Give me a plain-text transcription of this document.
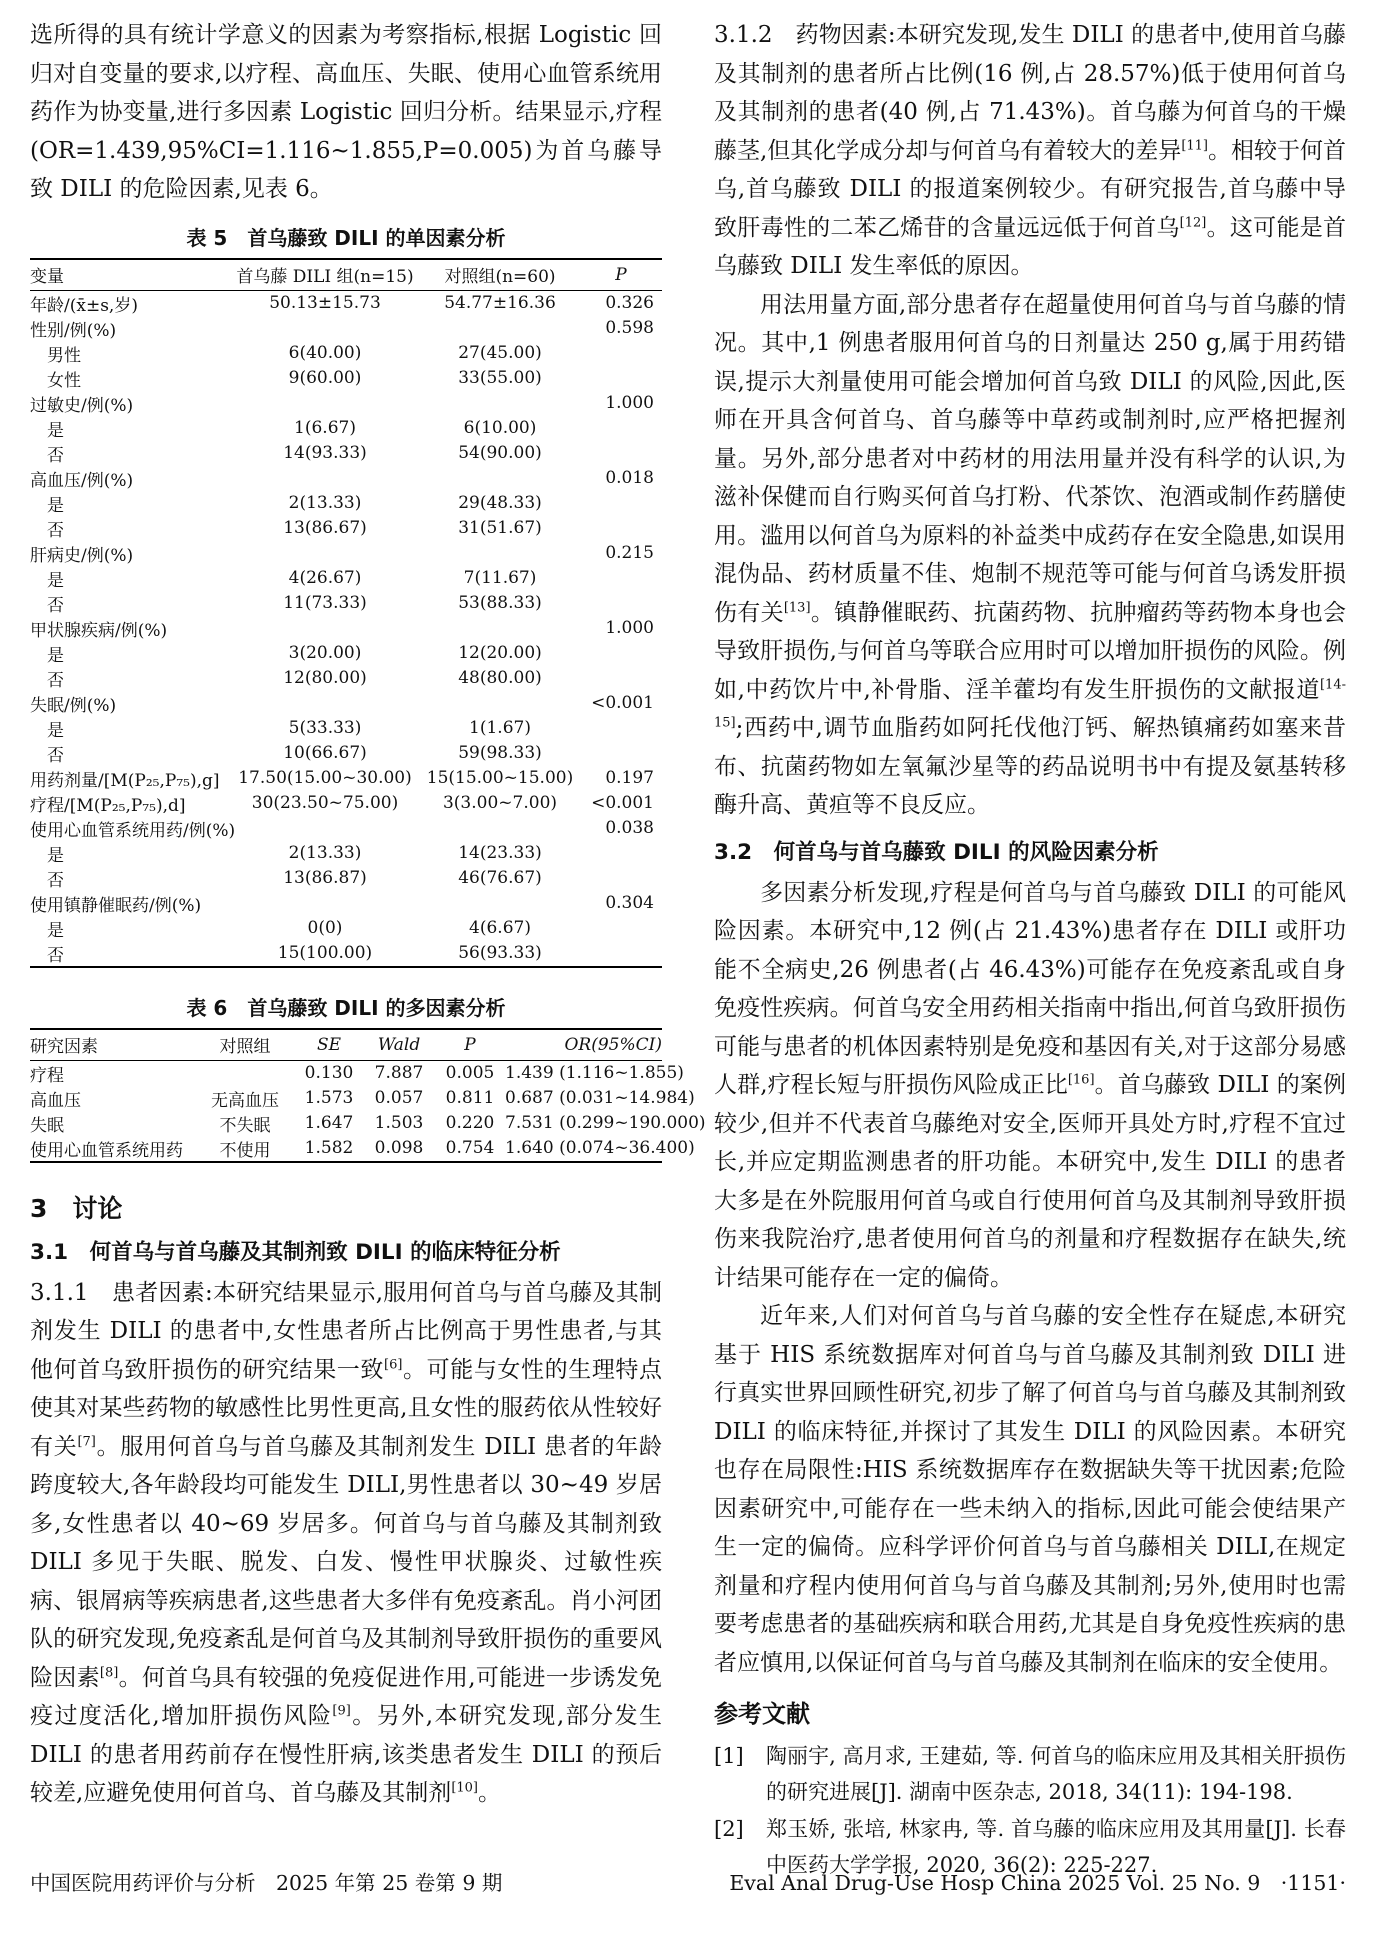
选所得的具有统计学意义的因素为考察指标,根据 Logistic 回归对自变量的要求,以疗程、高血压、失眠、使用心血管系统用药作为协变量,进行多因素 Logistic 回归分析。结果显示,疗程(OR=1.439,95%CI=1.116~1.855,P=0.005)为首乌藤导致 DILI 的危险因素,见表 6。

表 5　首乌藤致 DILI 的单因素分析
变量	首乌藤 DILI 组(n=15)	对照组(n=60)	P
年龄/(x̄±s,岁)	50.13±15.73	54.77±16.36	0.326
性别/例(%)			0.598
男性	6(40.00)	27(45.00)	
女性	9(60.00)	33(55.00)	
过敏史/例(%)			1.000
是	1(6.67)	6(10.00)	
否	14(93.33)	54(90.00)	
高血压/例(%)			0.018
是	2(13.33)	29(48.33)	
否	13(86.67)	31(51.67)	
肝病史/例(%)			0.215
是	4(26.67)	7(11.67)	
否	11(73.33)	53(88.33)	
甲状腺疾病/例(%)			1.000
是	3(20.00)	12(20.00)	
否	12(80.00)	48(80.00)	
失眠/例(%)			<0.001
是	5(33.33)	1(1.67)	
否	10(66.67)	59(98.33)	
用药剂量/[M(P₂₅,P₇₅),g]	17.50(15.00~30.00)	15(15.00~15.00)	0.197
疗程/[M(P₂₅,P₇₅),d]	30(23.50~75.00)	3(3.00~7.00)	<0.001
使用心血管系统用药/例(%)			0.038
是	2(13.33)	14(23.33)	
否	13(86.87)	46(76.67)	
使用镇静催眠药/例(%)			0.304
是	0(0)	4(6.67)	
否	15(100.00)	56(93.33)	
表 6　首乌藤致 DILI 的多因素分析
研究因素	对照组	SE	Wald	P	OR(95%CI)
疗程		0.130	7.887	0.005	1.439 (1.116~1.855)
高血压	无高血压	1.573	0.057	0.811	0.687 (0.031~14.984)
失眠	不失眠	1.647	1.503	0.220	7.531 (0.299~190.000)
使用心血管系统用药	不使用	1.582	0.098	0.754	1.640 (0.074~36.400)
3　讨论
3.1　何首乌与首乌藤及其制剂致 DILI 的临床特征分析

3.1.1　患者因素:本研究结果显示,服用何首乌与首乌藤及其制剂发生 DILI 的患者中,女性患者所占比例高于男性患者,与其他何首乌致肝损伤的研究结果一致[6]。可能与女性的生理特点使其对某些药物的敏感性比男性更高,且女性的服药依从性较好有关[7]。服用何首乌与首乌藤及其制剂发生 DILI 患者的年龄跨度较大,各年龄段均可能发生 DILI,男性患者以 30~49 岁居多,女性患者以 40~69 岁居多。何首乌与首乌藤及其制剂致 DILI 多见于失眠、脱发、白发、慢性甲状腺炎、过敏性疾病、银屑病等疾病患者,这些患者大多伴有免疫紊乱。肖小河团队的研究发现,免疫紊乱是何首乌及其制剂导致肝损伤的重要风险因素[8]。何首乌具有较强的免疫促进作用,可能进一步诱发免疫过度活化,增加肝损伤风险[9]。另外,本研究发现,部分发生 DILI 的患者用药前存在慢性肝病,该类患者发生 DILI 的预后较差,应避免使用何首乌、首乌藤及其制剂[10]。

3.1.2　药物因素:本研究发现,发生 DILI 的患者中,使用首乌藤及其制剂的患者所占比例(16 例,占 28.57%)低于使用何首乌及其制剂的患者(40 例,占 71.43%)。首乌藤为何首乌的干燥藤茎,但其化学成分却与何首乌有着较大的差异[11]。相较于何首乌,首乌藤致 DILI 的报道案例较少。有研究报告,首乌藤中导致肝毒性的二苯乙烯苷的含量远远低于何首乌[12]。这可能是首乌藤致 DILI 发生率低的原因。

用法用量方面,部分患者存在超量使用何首乌与首乌藤的情况。其中,1 例患者服用何首乌的日剂量达 250 g,属于用药错误,提示大剂量使用可能会增加何首乌致 DILI 的风险,因此,医师在开具含何首乌、首乌藤等中草药或制剂时,应严格把握剂量。另外,部分患者对中药材的用法用量并没有科学的认识,为滋补保健而自行购买何首乌打粉、代茶饮、泡酒或制作药膳使用。滥用以何首乌为原料的补益类中成药存在安全隐患,如误用混伪品、药材质量不佳、炮制不规范等可能与何首乌诱发肝损伤有关[13]。镇静催眠药、抗菌药物、抗肿瘤药等药物本身也会导致肝损伤,与何首乌等联合应用时可以增加肝损伤的风险。例如,中药饮片中,补骨脂、淫羊藿均有发生肝损伤的文献报道[14-15];西药中,调节血脂药如阿托伐他汀钙、解热镇痛药如塞来昔布、抗菌药物如左氧氟沙星等的药品说明书中有提及氨基转移酶升高、黄疸等不良反应。

3.2　何首乌与首乌藤致 DILI 的风险因素分析

多因素分析发现,疗程是何首乌与首乌藤致 DILI 的可能风险因素。本研究中,12 例(占 21.43%)患者存在 DILI 或肝功能不全病史,26 例患者(占 46.43%)可能存在免疫紊乱或自身免疫性疾病。何首乌安全用药相关指南中指出,何首乌致肝损伤可能与患者的机体因素特别是免疫和基因有关,对于这部分易感人群,疗程长短与肝损伤风险成正比[16]。首乌藤致 DILI 的案例较少,但并不代表首乌藤绝对安全,医师开具处方时,疗程不宜过长,并应定期监测患者的肝功能。本研究中,发生 DILI 的患者大多是在外院服用何首乌或自行使用何首乌及其制剂导致肝损伤来我院治疗,患者使用何首乌的剂量和疗程数据存在缺失,统计结果可能存在一定的偏倚。

近年来,人们对何首乌与首乌藤的安全性存在疑虑,本研究基于 HIS 系统数据库对何首乌与首乌藤及其制剂致 DILI 进行真实世界回顾性研究,初步了解了何首乌与首乌藤及其制剂致 DILI 的临床特征,并探讨了其发生 DILI 的风险因素。本研究也存在局限性:HIS 系统数据库存在数据缺失等干扰因素;危险因素研究中,可能存在一些未纳入的指标,因此可能会使结果产生一定的偏倚。应科学评价何首乌与首乌藤相关 DILI,在规定剂量和疗程内使用何首乌与首乌藤及其制剂;另外,使用时也需要考虑患者的基础疾病和联合用药,尤其是自身免疫性疾病的患者应慎用,以保证何首乌与首乌藤及其制剂在临床的安全使用。

参考文献
[1]	陶丽宇, 高月求, 王建茹, 等. 何首乌的临床应用及其相关肝损伤的研究进展[J]. 湖南中医杂志, 2018, 34(11): 194-198.
[2]	郑玉娇, 张培, 林家冉, 等. 首乌藤的临床应用及其用量[J]. 长春中医药大学学报, 2020, 36(2): 225-227.
中国医院用药评价与分析　2025 年第 25 卷第 9 期	Eval Anal Drug-Use Hosp China 2025 Vol. 25 No. 9　·1151·
